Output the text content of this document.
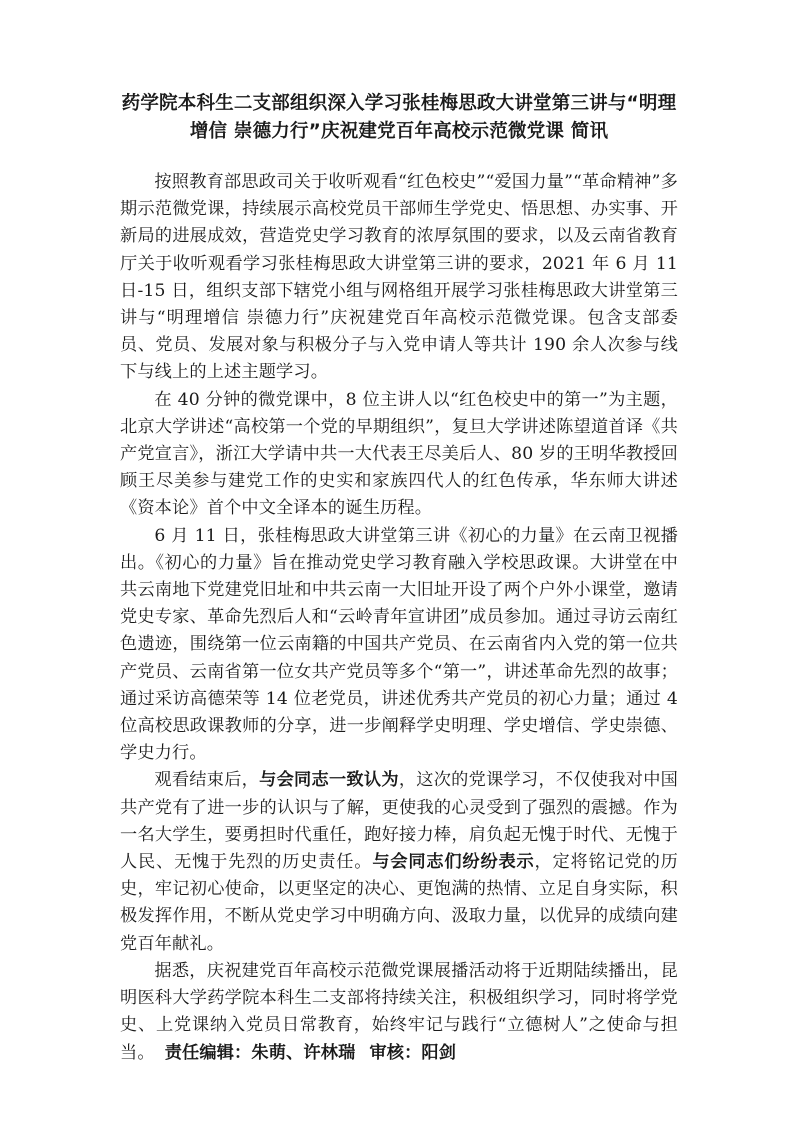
药学院本科生二支部组织深入学习张桂梅思政大讲堂第三讲与“明理
增信 崇德力行”庆祝建党百年高校示范微党课 简讯

按照教育部思政司关于收听观看“红色校史”“爱国力量”“革命精神”多期示范微党课，持续展示高校党员干部师生学党史、悟思想、办实事、开新局的进展成效，营造党史学习教育的浓厚氛围的要求，以及云南省教育厅关于收听观看学习张桂梅思政大讲堂第三讲的要求，2021 年 6 月 11 日-15 日，组织支部下辖党小组与网格组开展学习张桂梅思政大讲堂第三讲与“明理增信 崇德力行”庆祝建党百年高校示范微党课。包含支部委员、党员、发展对象与积极分子与入党申请人等共计 190 余人次参与线下与线上的上述主题学习。

在 40 分钟的微党课中，8 位主讲人以“红色校史中的第一”为主题，北京大学讲述“高校第一个党的早期组织”，复旦大学讲述陈望道首译《共产党宣言》，浙江大学请中共一大代表王尽美后人、80 岁的王明华教授回顾王尽美参与建党工作的史实和家族四代人的红色传承，华东师大讲述《资本论》首个中文全译本的诞生历程。

6 月 11 日，张桂梅思政大讲堂第三讲《初心的力量》在云南卫视播出。《初心的力量》旨在推动党史学习教育融入学校思政课。大讲堂在中共云南地下党建党旧址和中共云南一大旧址开设了两个户外小课堂，邀请党史专家、革命先烈后人和“云岭青年宣讲团”成员参加。通过寻访云南红色遗迹，围绕第一位云南籍的中国共产党员、在云南省内入党的第一位共产党员、云南省第一位女共产党员等多个“第一”，讲述革命先烈的故事；通过采访高德荣等 14 位老党员，讲述优秀共产党员的初心力量；通过 4 位高校思政课教师的分享，进一步阐释学史明理、学史增信、学史崇德、学史力行。

观看结束后，与会同志一致认为，这次的党课学习，不仅使我对中国共产党有了进一步的认识与了解，更使我的心灵受到了强烈的震撼。作为一名大学生，要勇担时代重任，跑好接力棒，肩负起无愧于时代、无愧于人民、无愧于先烈的历史责任。与会同志们纷纷表示，定将铭记党的历史，牢记初心使命，以更坚定的决心、更饱满的热情、立足自身实际，积极发挥作用，不断从党史学习中明确方向、汲取力量，以优异的成绩向建党百年献礼。

据悉，庆祝建党百年高校示范微党课展播活动将于近期陆续播出，昆明医科大学药学院本科生二支部将持续关注，积极组织学习，同时将学党史、上党课纳入党员日常教育，始终牢记与践行“立德树人”之使命与担当。 责任编辑：朱萌、许林瑞 审核：阳剑
